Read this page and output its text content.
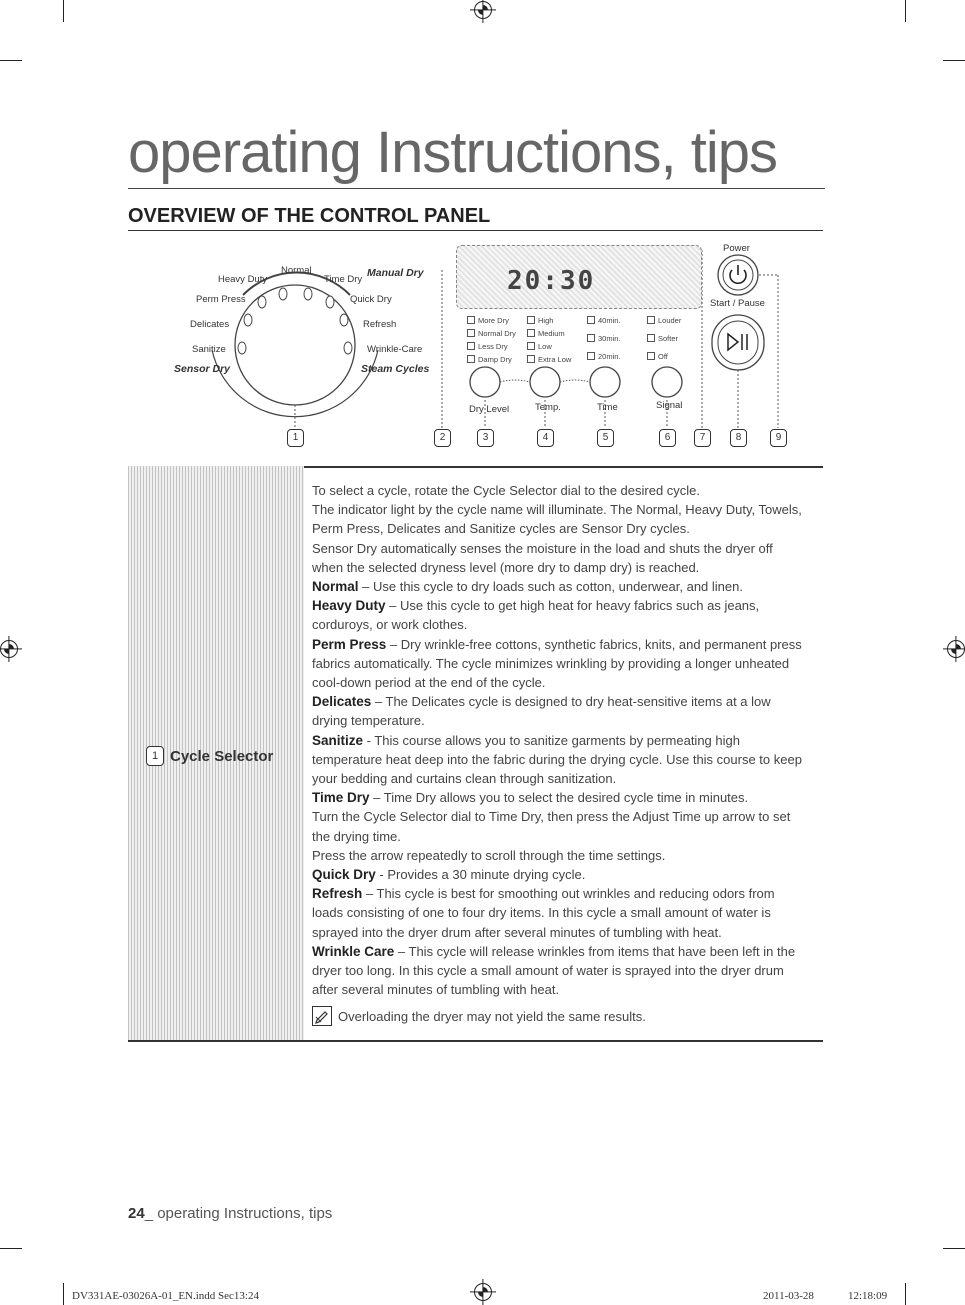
operating Instructions, tips
OVERVIEW OF THE CONTROL PANEL
Heavy Duty
Normal
Time Dry
Manual Dry
Perm Press	Quick Dry
Delicates	Refresh
Sanitize	Wrinkle-Care
Sensor Dry	Steam Cycles
20:30
More Dry
Normal Dry
Less Dry
Damp Dry
High
Medium
Low
Extra Low
40min.
30min.
20min.
Louder
Softer
Off
Dry Level	Temp.	Time	Signal
Power
Start / Pause
1	2	3	4	5	6	7	8	9
1 Cycle Selector

To select a cycle, rotate the Cycle Selector dial to the desired cycle.

The indicator light by the cycle name will illuminate. The Normal, Heavy Duty, Towels, Perm Press, Delicates and Sanitize cycles are Sensor Dry cycles.

Sensor Dry automatically senses the moisture in the load and shuts the dryer off when the selected dryness level (more dry to damp dry) is reached.

Normal – Use this cycle to dry loads such as cotton, underwear, and linen.

Heavy Duty – Use this cycle to get high heat for heavy fabrics such as jeans, corduroys, or work clothes.

Perm Press – Dry wrinkle-free cottons, synthetic fabrics, knits, and permanent press fabrics automatically. The cycle minimizes wrinkling by providing a longer unheated cool-down period at the end of the cycle.

Delicates – The Delicates cycle is designed to dry heat-sensitive items at a low drying temperature.

Sanitize - This course allows you to sanitize garments by permeating high temperature heat deep into the fabric during the drying cycle. Use this course to keep your bedding and curtains clean through sanitization.

Time Dry – Time Dry allows you to select the desired cycle time in minutes.

Turn the Cycle Selector dial to Time Dry, then press the Adjust Time up arrow to set the drying time.

Press the arrow repeatedly to scroll through the time settings.

Quick Dry - Provides a 30 minute drying cycle.

Refresh – This cycle is best for smoothing out wrinkles and reducing odors from loads consisting of one to four dry items. In this cycle a small amount of water is sprayed into the dryer drum after several minutes of tumbling with heat.

Wrinkle Care – This cycle will release wrinkles from items that have been left in the dryer too long. In this cycle a small amount of water is sprayed into the dryer drum after several minutes of tumbling with heat.

Overloading the dryer may not yield the same results.

24_ operating Instructions, tips
DV331AE-03026A-01_EN.indd Sec13:24	2011-03-28	12:18:09
